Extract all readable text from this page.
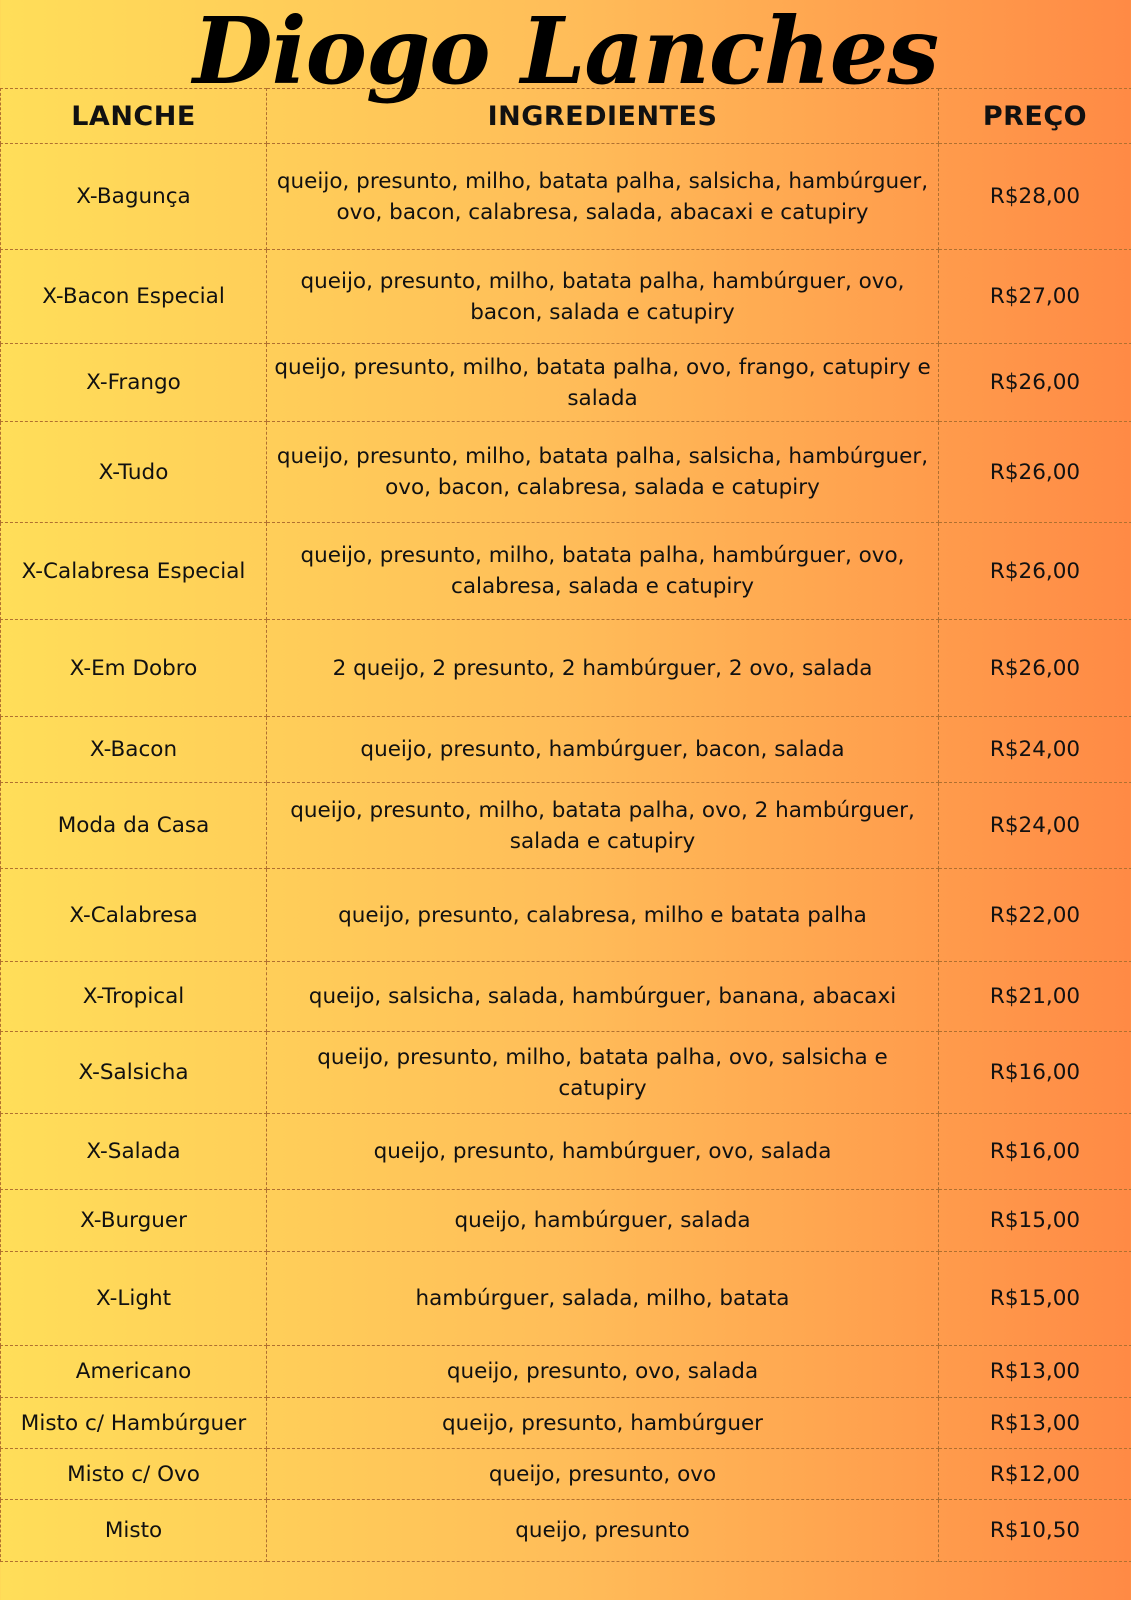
Diogo Lanches
LANCHE	INGREDIENTES	PREÇO
X-Bagunça	queijo, presunto, milho, batata palha, salsicha, hambúrguer, ovo, bacon, calabresa, salada, abacaxi e catupiry	R$28,00
X-Bacon Especial	queijo, presunto, milho, batata palha, hambúrguer, ovo, bacon, salada e catupiry	R$27,00
X-Frango	queijo, presunto, milho, batata palha, ovo, frango, catupiry e salada	R$26,00
X-Tudo	queijo, presunto, milho, batata palha, salsicha, hambúrguer, ovo, bacon, calabresa, salada e catupiry	R$26,00
X-Calabresa Especial	queijo, presunto, milho, batata palha, hambúrguer, ovo, calabresa, salada e catupiry	R$26,00
X-Em Dobro	2 queijo, 2 presunto, 2 hambúrguer, 2 ovo, salada	R$26,00
X-Bacon	queijo, presunto, hambúrguer, bacon, salada	R$24,00
Moda da Casa	queijo, presunto, milho, batata palha, ovo, 2 hambúrguer, salada e catupiry	R$24,00
X-Calabresa	queijo, presunto, calabresa, milho e batata palha	R$22,00
X-Tropical	queijo, salsicha, salada, hambúrguer, banana, abacaxi	R$21,00
X-Salsicha	queijo, presunto, milho, batata palha, ovo, salsicha e catupiry	R$16,00
X-Salada	queijo, presunto, hambúrguer, ovo, salada	R$16,00
X-Burguer	queijo, hambúrguer, salada	R$15,00
X-Light	hambúrguer, salada, milho, batata	R$15,00
Americano	queijo, presunto, ovo, salada	R$13,00
Misto c/ Hambúrguer	queijo, presunto, hambúrguer	R$13,00
Misto c/ Ovo	queijo, presunto, ovo	R$12,00
Misto	queijo, presunto	R$10,50
